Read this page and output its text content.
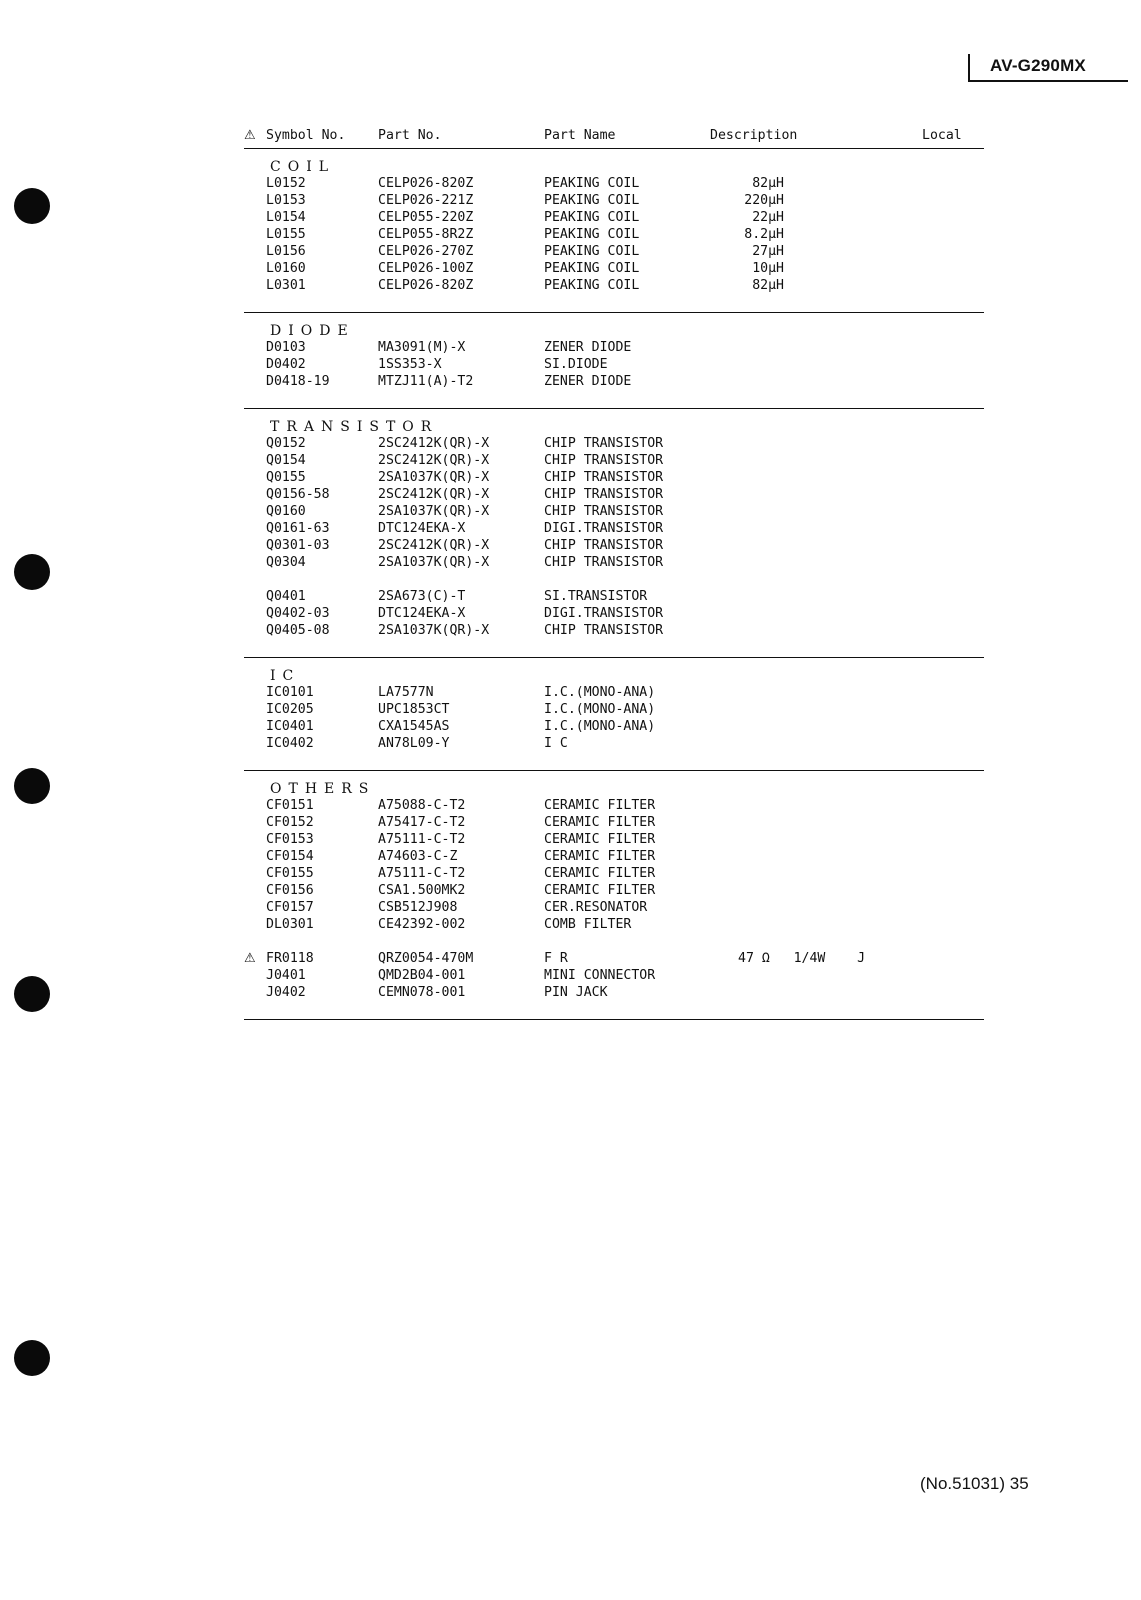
AV-G290MX
⚠ Symbol No. Part No.	Part Name	Description	Local
COIL
L0152	CELP026-820Z	PEAKING COIL	82μH
L0153	CELP026-221Z	PEAKING COIL	220μH
L0154	CELP055-220Z	PEAKING COIL	22μH
L0155	CELP055-8R2Z	PEAKING COIL	8.2μH
L0156	CELP026-270Z	PEAKING COIL	27μH
L0160	CELP026-100Z	PEAKING COIL	10μH
L0301	CELP026-820Z	PEAKING COIL	82μH
DIODE
D0103	MA3091(M)-X	ZENER DIODE
D0402	1SS353-X	SI.DIODE
D0418-19	MTZJ11(A)-T2	ZENER DIODE
TRANSISTOR
Q0152	2SC2412K(QR)-X	CHIP TRANSISTOR
Q0154	2SC2412K(QR)-X	CHIP TRANSISTOR
Q0155	2SA1037K(QR)-X	CHIP TRANSISTOR
Q0156-58	2SC2412K(QR)-X	CHIP TRANSISTOR
Q0160	2SA1037K(QR)-X	CHIP TRANSISTOR
Q0161-63	DTC124EKA-X	DIGI.TRANSISTOR
Q0301-03	2SC2412K(QR)-X	CHIP TRANSISTOR
Q0304	2SA1037K(QR)-X	CHIP TRANSISTOR
Q0401	2SA673(C)-T	SI.TRANSISTOR
Q0402-03	DTC124EKA-X	DIGI.TRANSISTOR
Q0405-08	2SA1037K(QR)-X	CHIP TRANSISTOR
IC
IC0101	LA7577N	I.C.(MONO-ANA)
IC0205	UPC1853CT	I.C.(MONO-ANA)
IC0401	CXA1545AS	I.C.(MONO-ANA)
IC0402	AN78L09-Y	I C
OTHERS
CF0151	A75088-C-T2	CERAMIC FILTER
CF0152	A75417-C-T2	CERAMIC FILTER
CF0153	A75111-C-T2	CERAMIC FILTER
CF0154	A74603-C-Z	CERAMIC FILTER
CF0155	A75111-C-T2	CERAMIC FILTER
CF0156	CSA1.500MK2	CERAMIC FILTER
CF0157	CSB512J908	CER.RESONATOR
DL0301	CE42392-002	COMB FILTER
⚠ FR0118	QRZ0054-470M	F R	47 Ω   1/4W    J
J0401	QMD2B04-001	MINI CONNECTOR
J0402	CEMN078-001	PIN JACK
(No.51031) 35
